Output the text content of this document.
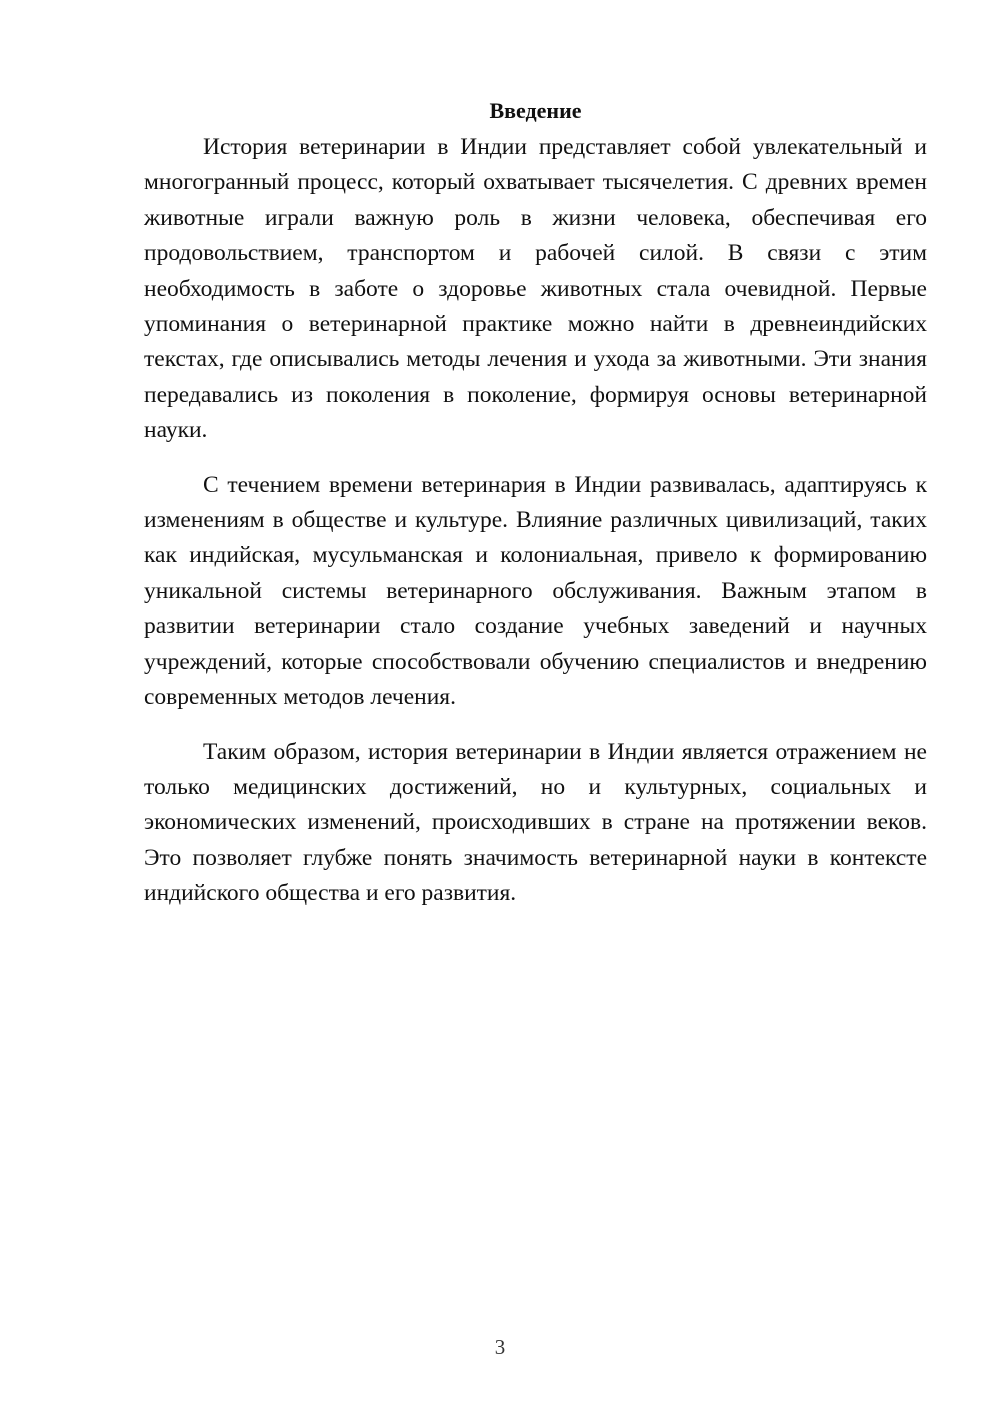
Введение

История ветеринарии в Индии представляет собой увлекательный и многогранный процесс, который охватывает тысячелетия. С древних времен животные играли важную роль в жизни человека, обеспечивая его продовольствием, транспортом и рабочей силой. В связи с этим необходимость в заботе о здоровье животных стала очевидной. Первые упоминания о ветеринарной практике можно найти в древнеиндийских текстах, где описывались методы лечения и ухода за животными. Эти знания передавались из поколения в поколение, формируя основы ветеринарной науки.

С течением времени ветеринария в Индии развивалась, адаптируясь к изменениям в обществе и культуре. Влияние различных цивилизаций, таких как индийская, мусульманская и колониальная, привело к формированию уникальной системы ветеринарного обслуживания. Важным этапом в развитии ветеринарии стало создание учебных заведений и научных учреждений, которые способствовали обучению специалистов и внедрению современных методов лечения.

Таким образом, история ветеринарии в Индии является отражением не только медицинских достижений, но и культурных, социальных и экономических изменений, происходивших в стране на протяжении веков. Это позволяет глубже понять значимость ветеринарной науки в контексте индийского общества и его развития.

3
